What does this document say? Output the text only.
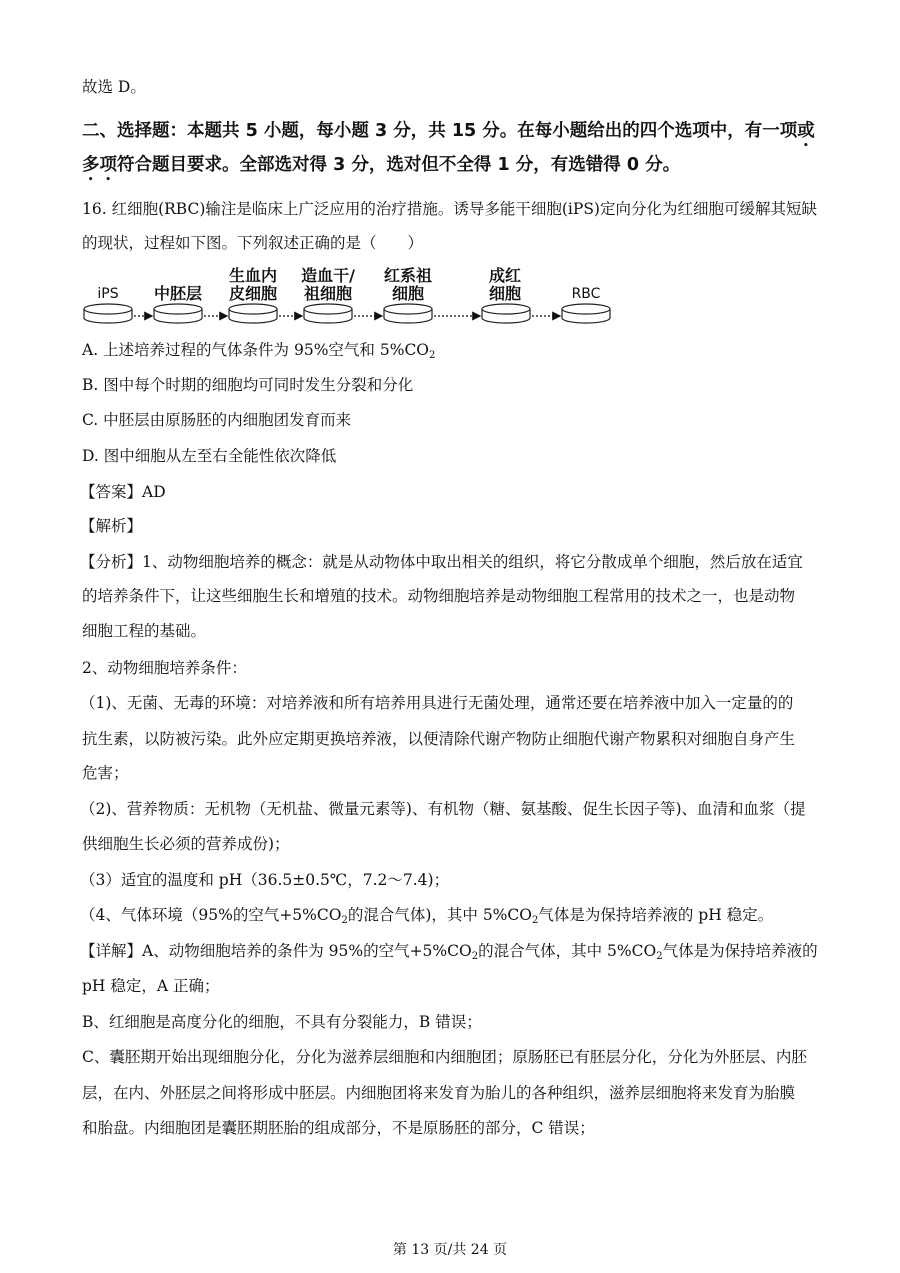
故选 D。
二、选择题：本题共 5 小题，每小题 3 分，共 15 分。在每小题给出的四个选项中，有一项或
多项符合题目要求。全部选对得 3 分，选对但不全得 1 分，有选错得 0 分。
16. 红细胞(RBC)输注是临床上广泛应用的治疗措施。诱导多能干细胞(iPS)定向分化为红细胞可缓解其短缺
的现状，过程如下图。下列叙述正确的是（　　）
iPS	中胚层
生血内
皮细胞
造血干/
祖细胞
红系祖
细胞
成红
细胞	RBC
A. 上述培养过程的气体条件为 95%空气和 $5\%CO_2$
B. 图中每个时期的细胞均可同时发生分裂和分化
C. 中胚层由原肠胚的内细胞团发育而来
D. 图中细胞从左至右全能性依次降低
【答案】AD
【解析】
【分析】1、动物细胞培养的概念：就是从动物体中取出相关的组织，将它分散成单个细胞，然后放在适宜
的培养条件下，让这些细胞生长和增殖的技术。动物细胞培养是动物细胞工程常用的技术之一，也是动物
细胞工程的基础。
2、动物细胞培养条件：
（1)、无菌、无毒的环境：对培养液和所有培养用具进行无菌处理，通常还要在培养液中加入一定量的的
抗生素，以防被污染。此外应定期更换培养液，以便清除代谢产物防止细胞代谢产物累积对细胞自身产生
危害；
（2)、营养物质：无机物（无机盐、微量元素等)、有机物（糖、氨基酸、促生长因子等)、血清和血浆（提
供细胞生长必须的营养成份)；
（3）适宜的温度和 pH（36.5±0.5℃，7.2～7.4)；
（4、气体环境（95%的空气$+5\%CO_2$的混合气体)，其中 $5\%CO_2$气体是为保持培养液的 pH 稳定。
【详解】A、动物细胞培养的条件为 95%的空气$+5\%CO_2$的混合气体，其中 $5\%CO_2$气体是为保持培养液的
pH 稳定，A 正确；
B、红细胞是高度分化的细胞，不具有分裂能力，B 错误；
C、囊胚期开始出现细胞分化，分化为滋养层细胞和内细胞团；原肠胚已有胚层分化，分化为外胚层、内胚
层，在内、外胚层之间将形成中胚层。内细胞团将来发育为胎儿的各种组织，滋养层细胞将来发育为胎膜
和胎盘。内细胞团是囊胚期胚胎的组成部分，不是原肠胚的部分，C 错误；
第 13 页/共 24 页
